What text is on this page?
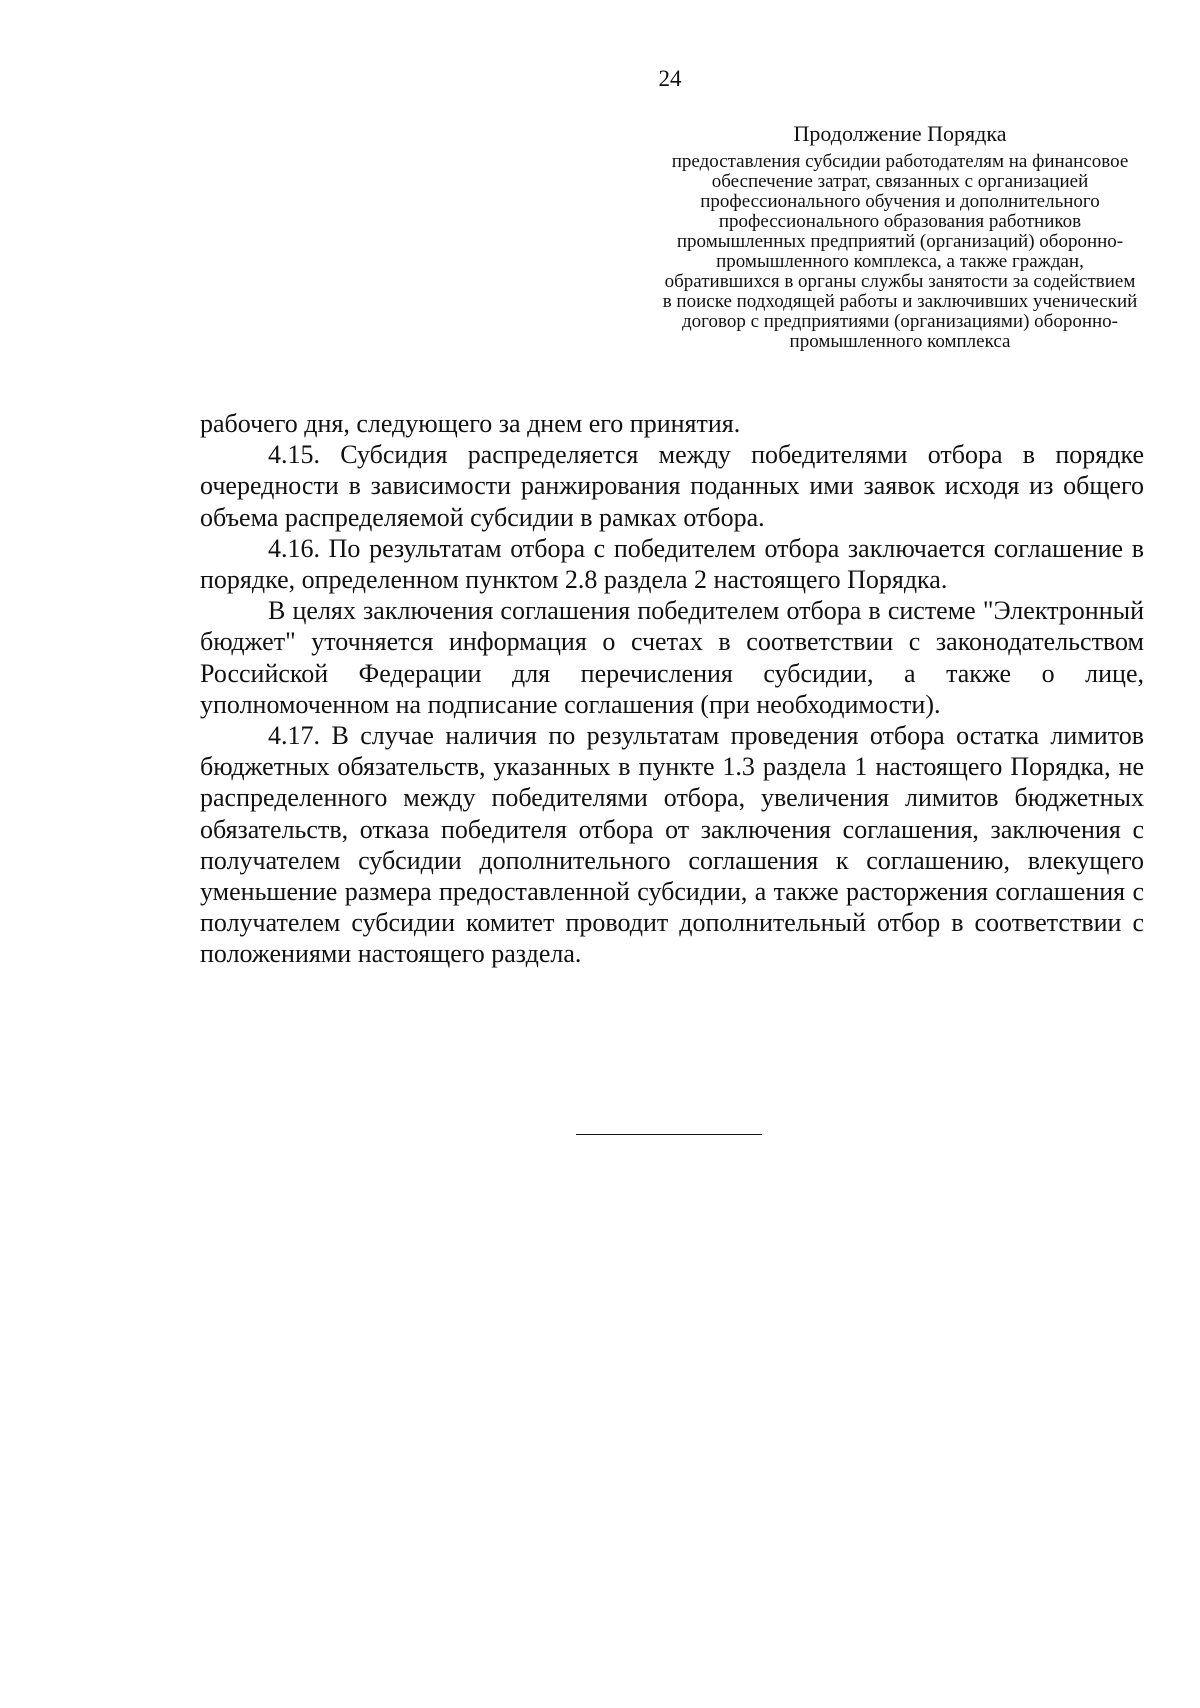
24
Продолжение Порядка
предоставления субсидии работодателям на финансовое обеспечение затрат, связанных с организацией профессионального обучения и дополнительного профессионального образования работников промышленных предприятий (организаций) оборонно-промышленного комплекса, а также граждан, обратившихся в органы службы занятости за содействием в поиске подходящей работы и заключивших ученический договор с предприятиями (организациями) оборонно-промышленного комплекса

рабочего дня, следующего за днем его принятия.

4.15. Субсидия распределяется между победителями отбора в порядке очередности в зависимости ранжирования поданных ими заявок исходя из общего объема распределяемой субсидии в рамках отбора.

4.16. По результатам отбора с победителем отбора заключается соглашение в порядке, определенном пунктом 2.8 раздела 2 настоящего Порядка.

В целях заключения соглашения победителем отбора в системе "Электронный бюджет" уточняется информация о счетах в соответствии с законодательством Российской Федерации для перечисления субсидии, а также о лице, уполномоченном на подписание соглашения (при необходимости).

4.17. В случае наличия по результатам проведения отбора остатка лимитов бюджетных обязательств, указанных в пункте 1.3 раздела 1 настоящего Порядка, не распределенного между победителями отбора, увеличения лимитов бюджетных обязательств, отказа победителя отбора от заключения соглашения, заключения с получателем субсидии дополнительного соглашения к соглашению, влекущего уменьшение размера предоставленной субсидии, а также расторжения соглашения с получателем субсидии комитет проводит дополнительный отбор в соответствии с положениями настоящего раздела.
